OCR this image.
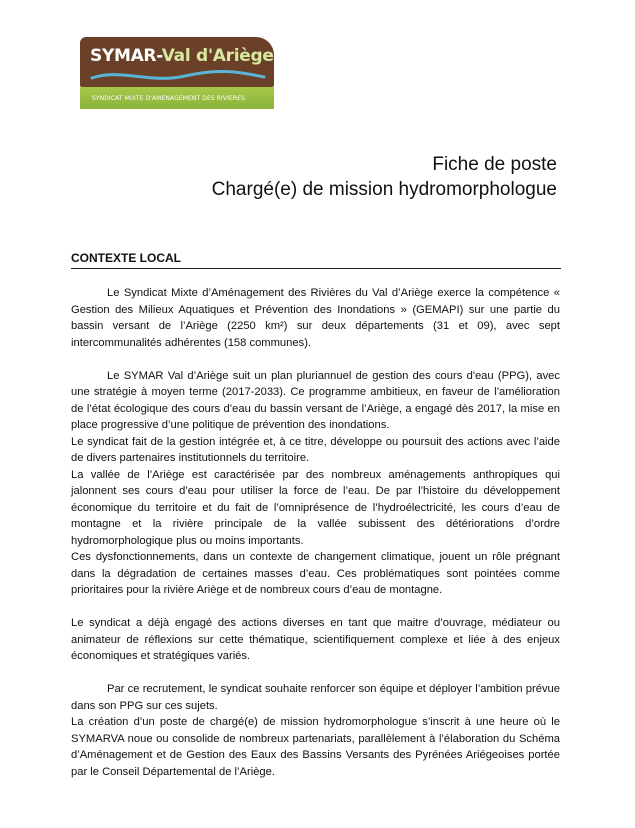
SYMAR-Val d'Ariège
SYNDICAT MIXTE D'AMENAGEMENT DES RIVIERES
Fiche de poste
Chargé(e) de mission hydromorphologue
CONTEXTE LOCAL

Le Syndicat Mixte d’Aménagement des Rivières du Val d’Ariège exerce la compétence « Gestion des Milieux Aquatiques et Prévention des Inondations » (GEMAPI) sur une partie du bassin versant de l’Ariège (2250 km²) sur deux départements (31 et 09), avec sept intercommunalités adhérentes (158 communes).

Le SYMAR Val d’Ariège suit un plan pluriannuel de gestion des cours d'eau (PPG), avec une stratégie à moyen terme (2017-2033). Ce programme ambitieux, en faveur de l’amélioration de l’état écologique des cours d’eau du bassin versant de l’Ariège, a engagé dès 2017, la mise en place progressive d’une politique de prévention des inondations.

Le syndicat fait de la gestion intégrée et, à ce titre, développe ou poursuit des actions avec l’aide de divers partenaires institutionnels du territoire.

La vallée de l’Ariège est caractérisée par des nombreux aménagements anthropiques qui jalonnent ses cours d’eau pour utiliser la force de l’eau. De par l’histoire du développement économique du territoire et du fait de l’omniprésence de l’hydroélectricité, les cours d’eau de montagne et la rivière principale de la vallée subissent des détériorations d’ordre hydromorphologique plus ou moins importants.

Ces dysfonctionnements, dans un contexte de changement climatique, jouent un rôle prégnant dans la dégradation de certaines masses d’eau. Ces problématiques sont pointées comme prioritaires pour la rivière Ariège et de nombreux cours d’eau de montagne.

Le syndicat a déjà engagé des actions diverses en tant que maitre d’ouvrage, médiateur ou animateur de réflexions sur cette thématique, scientifiquement complexe et liée à des enjeux économiques et stratégiques variés.

Par ce recrutement, le syndicat souhaite renforcer son équipe et déployer l’ambition prévue dans son PPG sur ces sujets.

La création d’un poste de chargé(e) de mission hydromorphologue s’inscrit à une heure où le SYMARVA noue ou consolide de nombreux partenariats, parallèlement à l’élaboration du Schéma d’Aménagement et de Gestion des Eaux des Bassins Versants des Pyrénées Ariégeoises portée par le Conseil Départemental de l’Ariège.
